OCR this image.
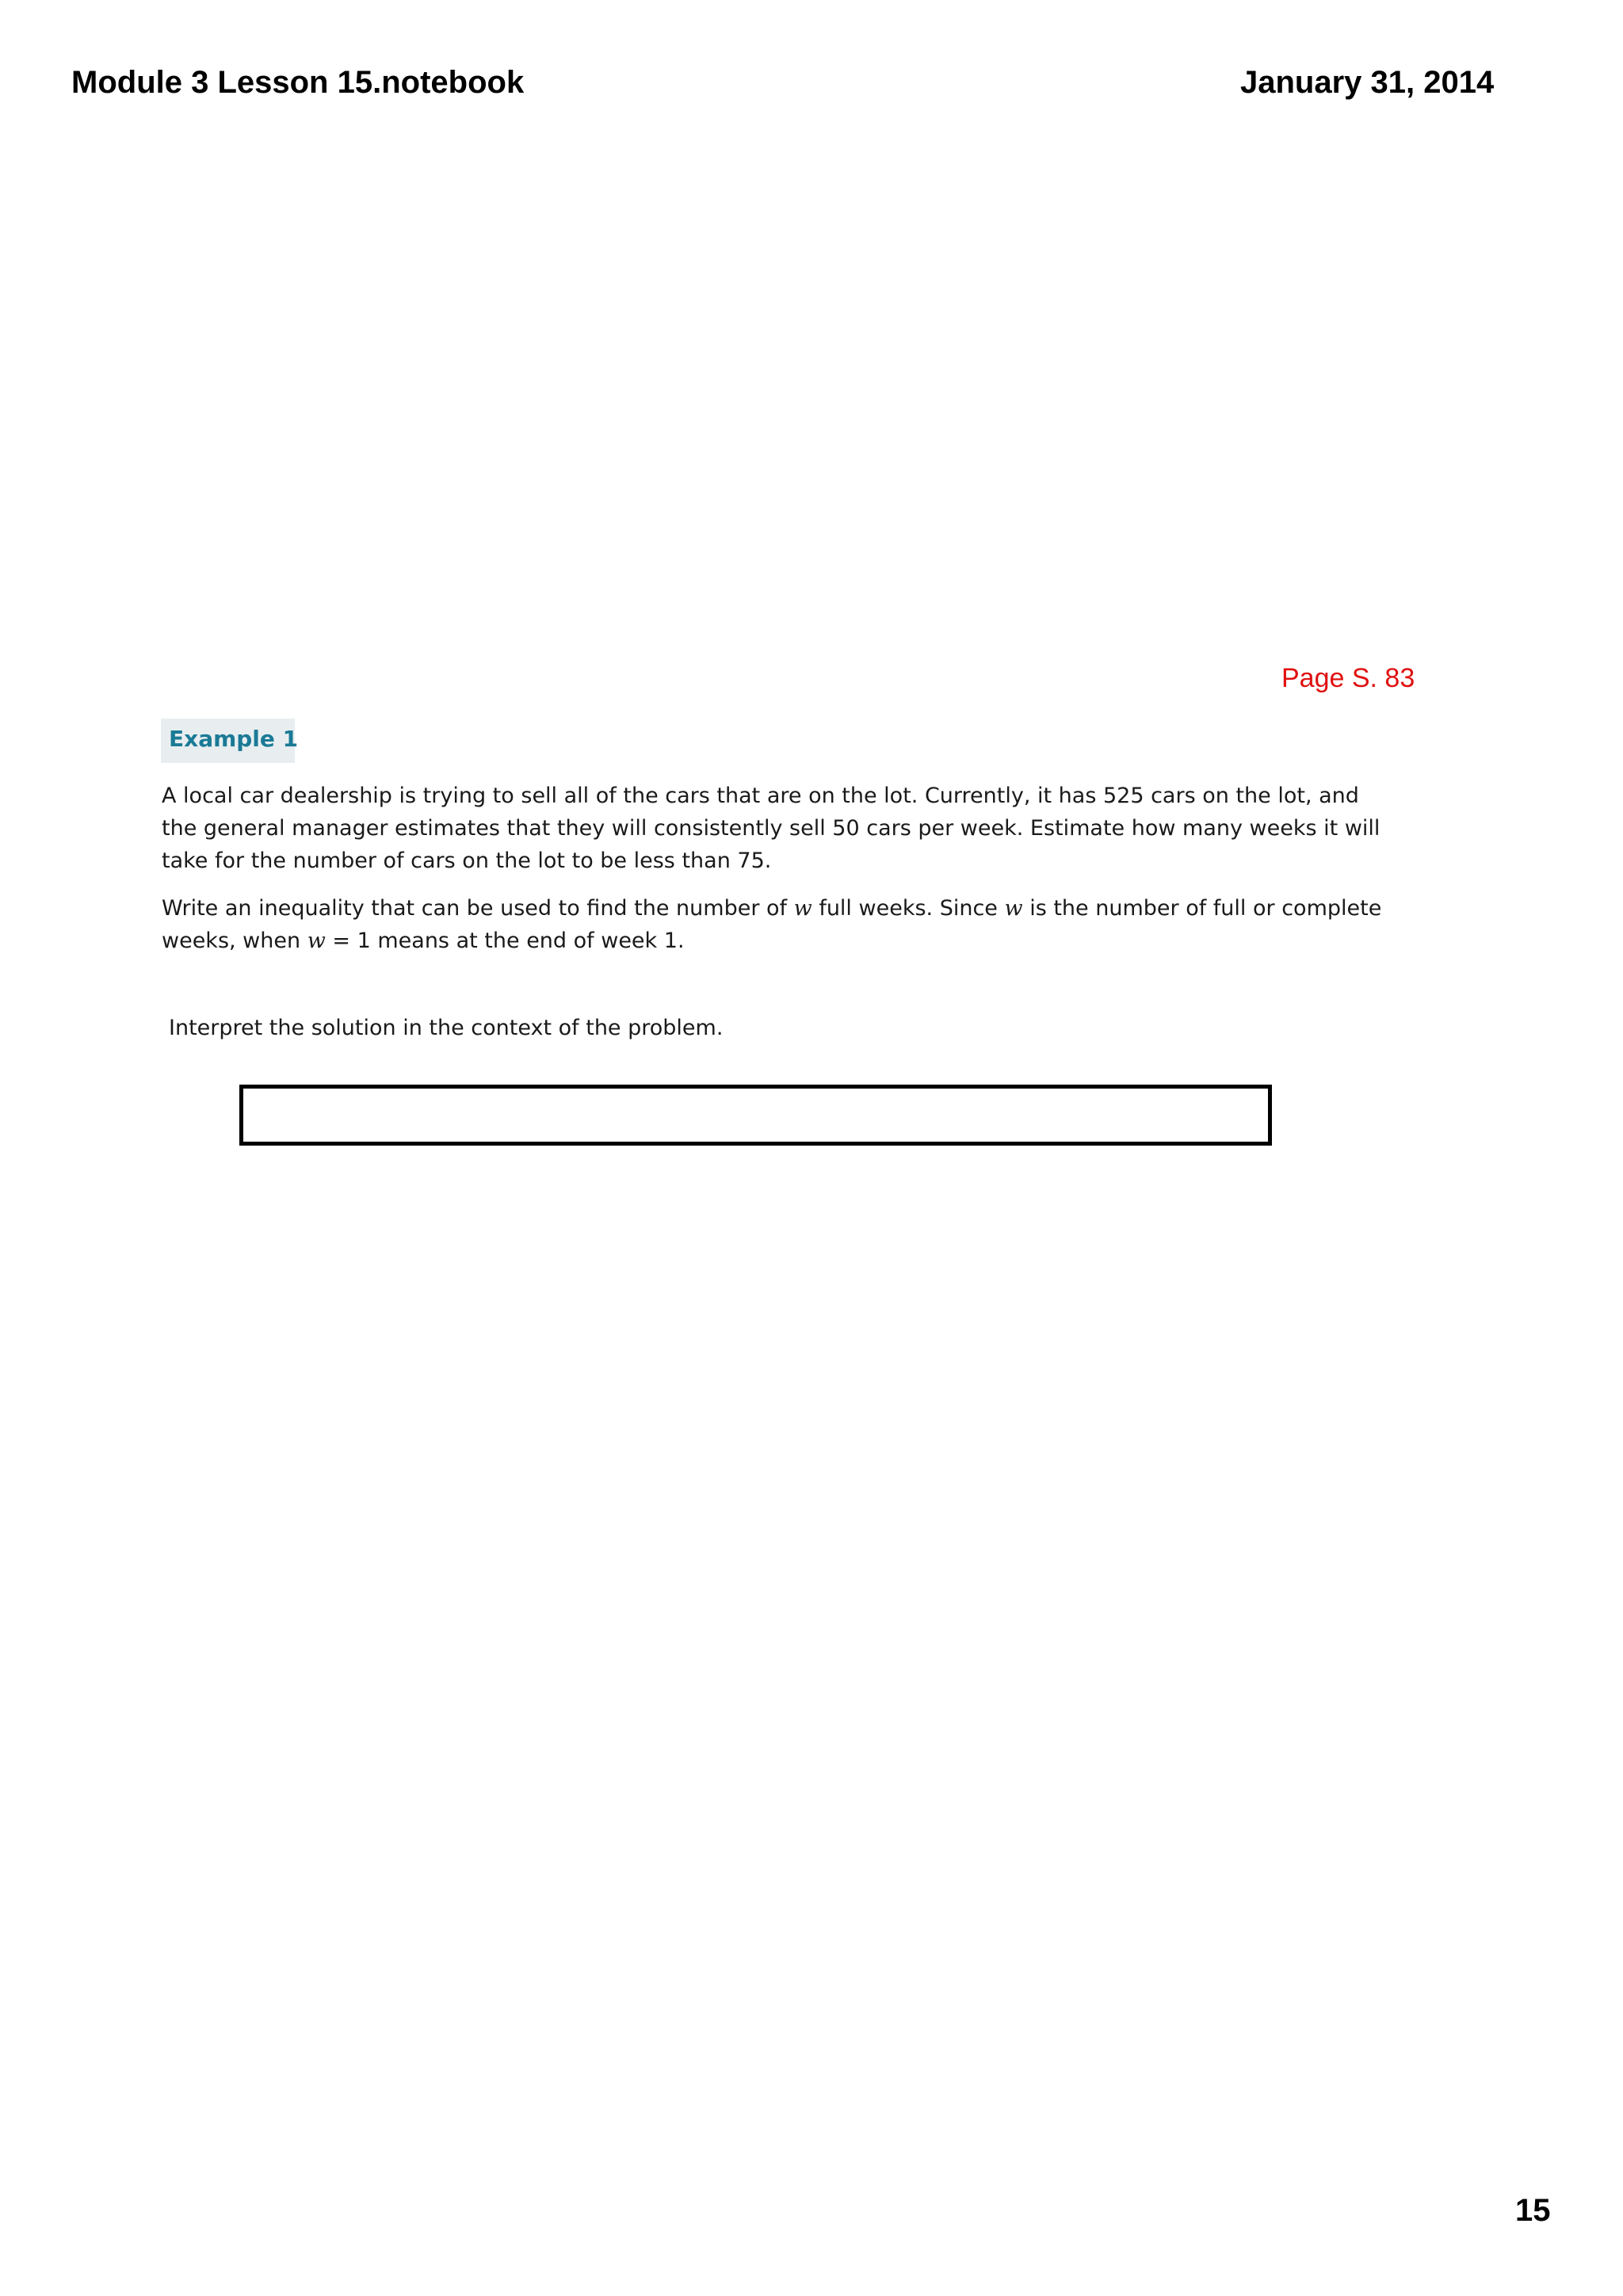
Module 3 Lesson 15.notebook	January 31, 2014
Page S. 83
Example 1

A local car dealership is trying to sell all of the cars that are on the lot. Currently, it has 525 cars on the lot, and the general manager estimates that they will consistently sell 50 cars per week. Estimate how many weeks it will take for the number of cars on the lot to be less than 75.

Write an inequality that can be used to find the number of w full weeks. Since w is the number of full or complete weeks, when w = 1 means at the end of week 1.

Interpret the solution in the context of the problem.

15
